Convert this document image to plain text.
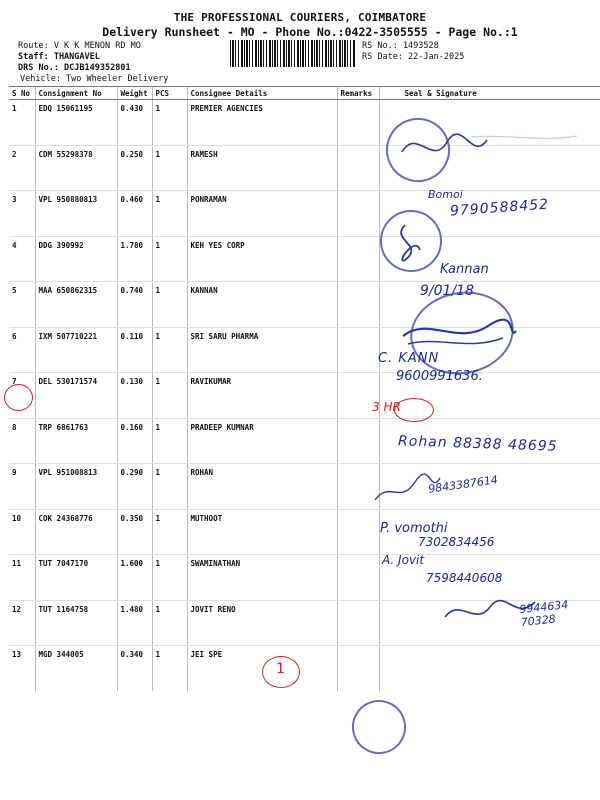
THE PROFESSIONAL COURIERS, COIMBATORE
Delivery Runsheet - MO - Phone No.:0422-3505555 - Page No.:1
Route: V K K MENON RD MO
Staff: THANGAVEL
DRS No.: DCJB149352801
Vehicle: Two Wheeler Delivery
RS No.: 1493528
RS Date: 22-Jan-2025
S No	Consignment No	Weight	PCS	Consignee Details	Remarks	Seal & Signature
1	EDQ 15061195	0.430	1	PREMIER AGENCIES		
2	CDM 55298378	0.250	1	RAMESH		
3	VPL 950880813	0.460	1	PONRAMAN		
4	DDG 390992	1.780	1	KEH YES CORP		
5	MAA 650862315	0.740	1	KANNAN		
6	IXM 507710221	0.110	1	SRI SARU PHARMA		
7	DEL 530171574	0.130	1	RAVIKUMAR		
8	TRP 6861763	0.160	1	PRADEEP KUMNAR		
9	VPL 951008813	0.290	1	ROHAN		
10	COK 24368776	0.350	1	MUTHOOT		
11	TUT 7047170	1.600	1	SWAMINATHAN		
12	TUT 1164758	1.480	1	JOVIT RENO		
13	MGD 344005	0.340	1	JEI SPE		
Bomoi
9790588452
Kannan
9/01/18
C. KANN
9600991636.
3 HR
Rohan 88388 48695
9843387614
P. vomothi
7302834456
A. Jovit
7598440608
9944634 70328
1
